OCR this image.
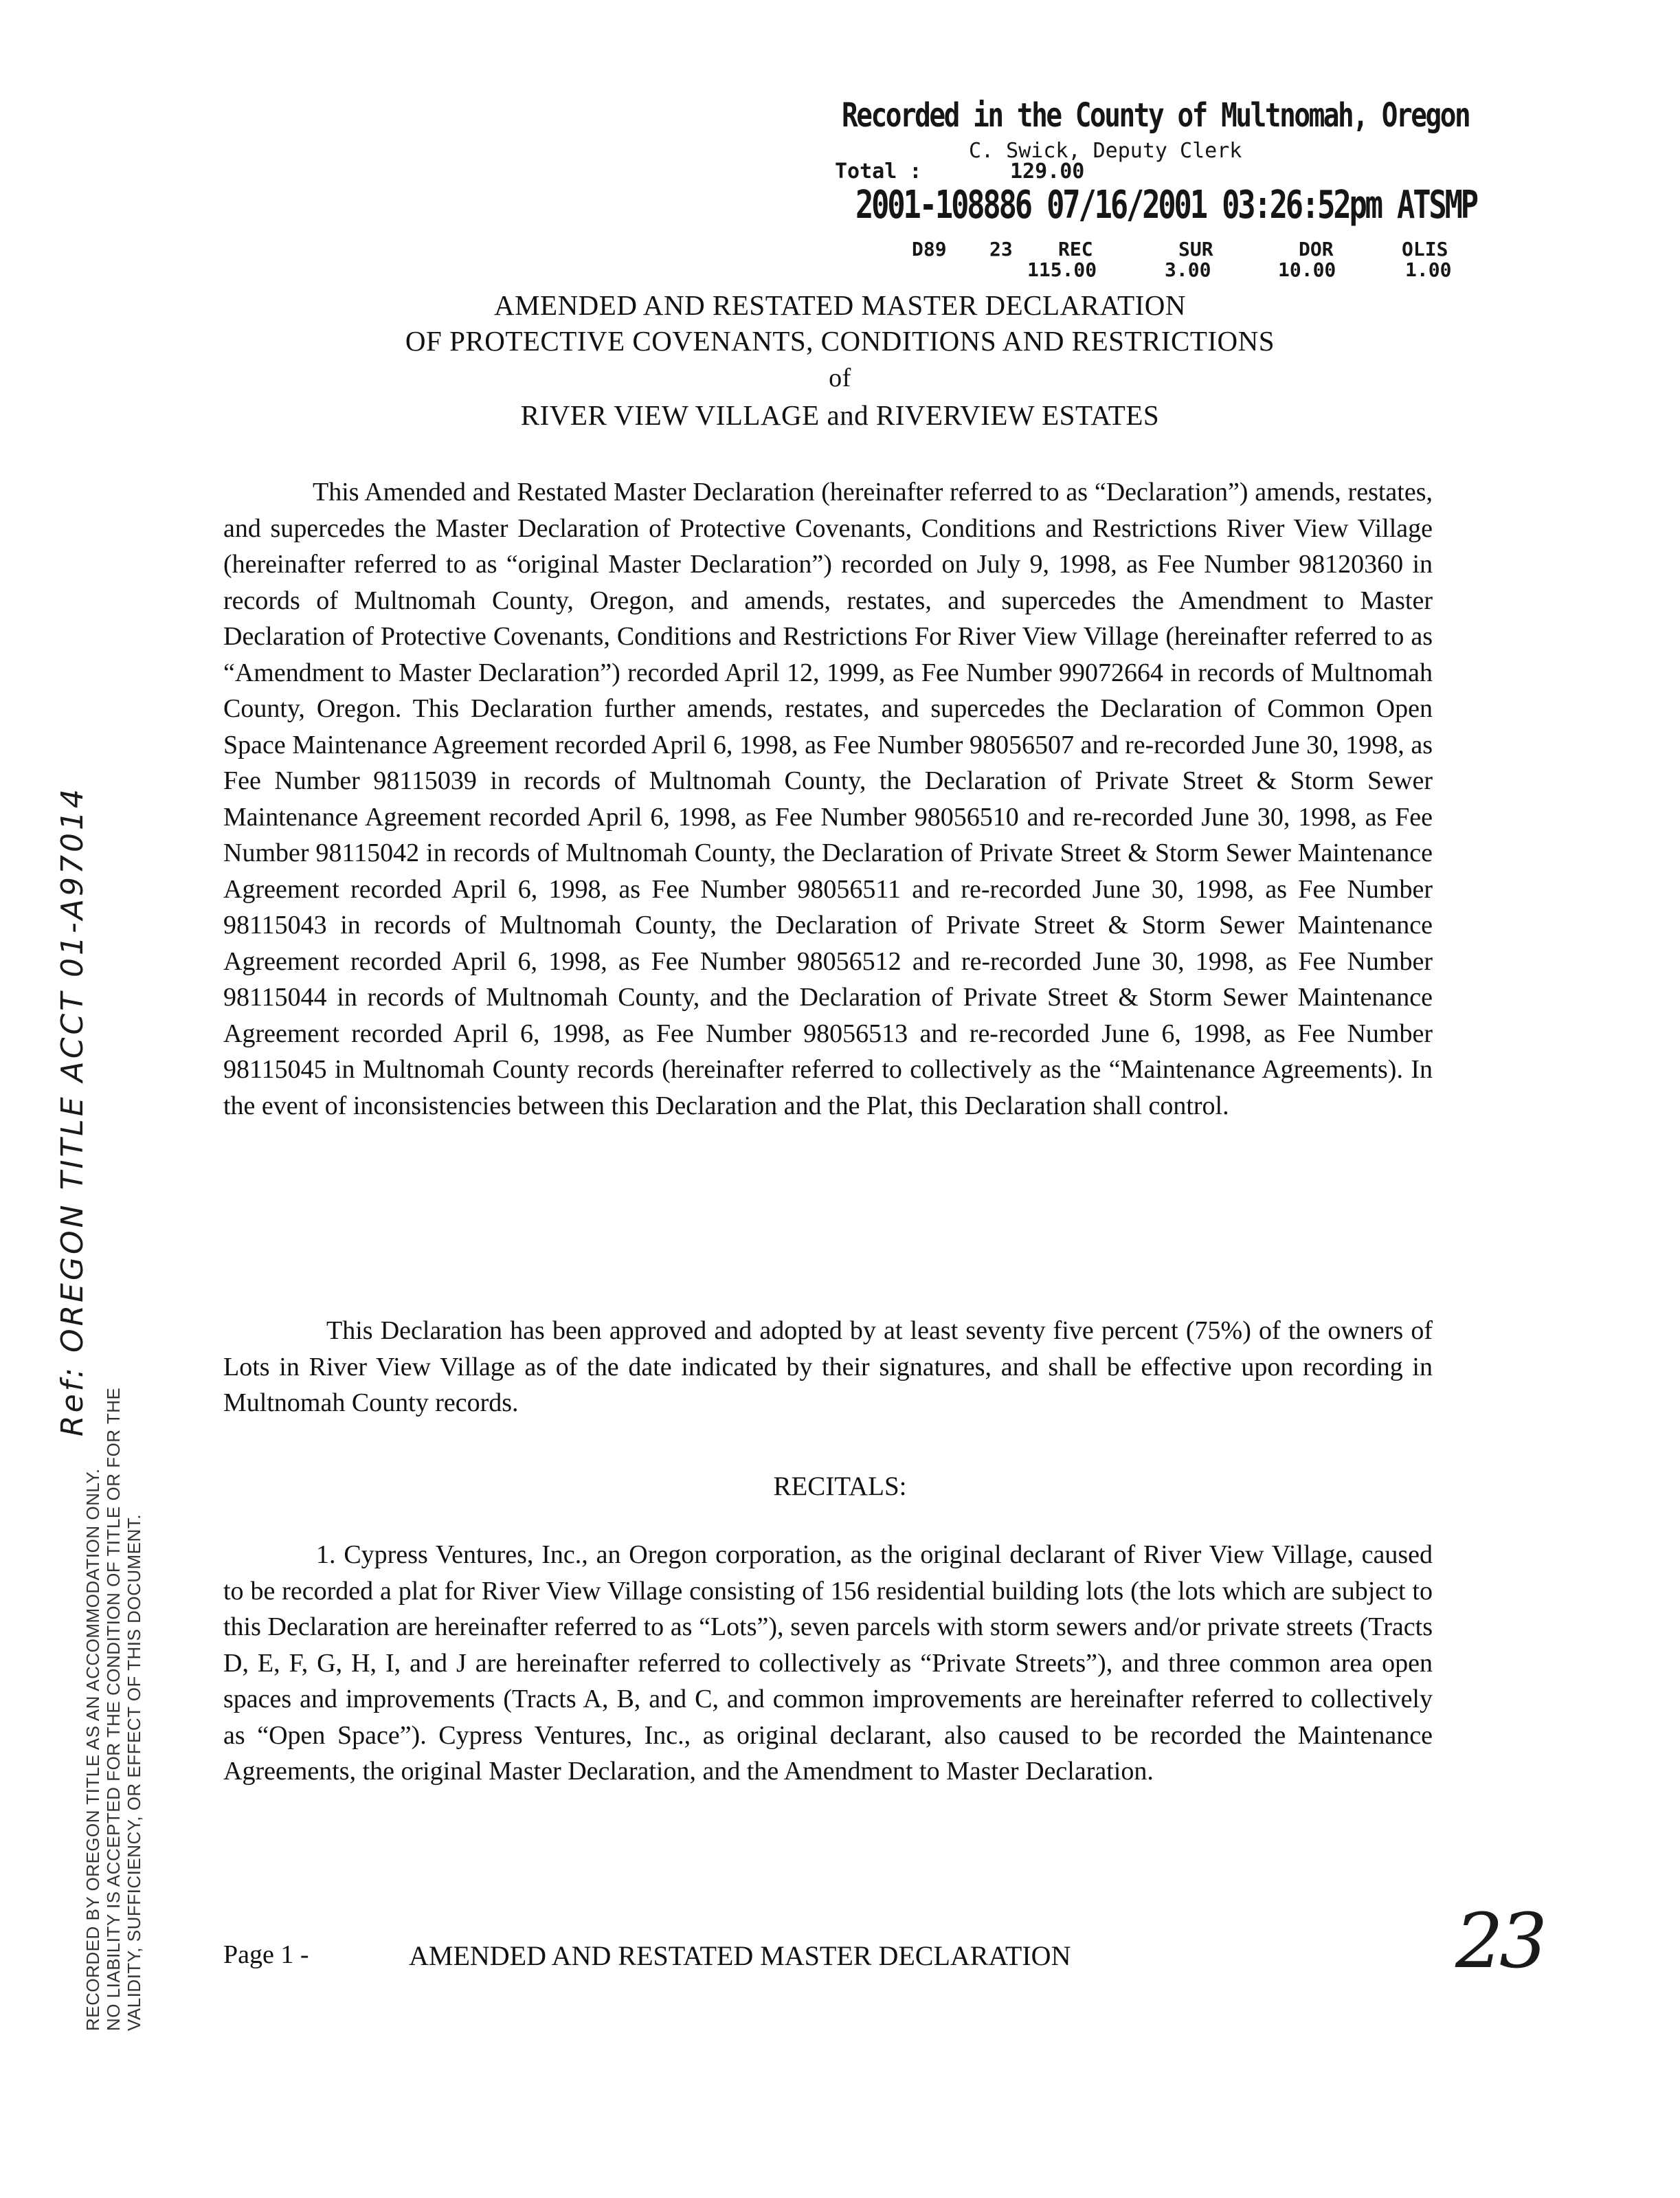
Recorded in the County of Multnomah, Oregon
C. Swick, Deputy Clerk
Total :	129.00
2001-108886 07/16/2001 03:26:52pm ATSMP
D89 23 REC	SUR	DOR	OLIS
115.00	3.00	10.00	1.00
AMENDED AND RESTATED MASTER DECLARATION
OF PROTECTIVE COVENANTS, CONDITIONS AND RESTRICTIONS
of
RIVER VIEW VILLAGE and RIVERVIEW ESTATES

This Amended and Restated Master Declaration (hereinafter referred to as “Declaration”) amends, restates, and supercedes the Master Declaration of Protective Covenants, Conditions and Restrictions River View Village (hereinafter referred to as “original Master Declaration”) recorded on July 9, 1998, as Fee Number 98120360 in records of Multnomah County, Oregon, and amends, restates, and supercedes the Amendment to Master Declaration of Protective Covenants, Conditions and Restrictions For River View Village (hereinafter referred to as “Amendment to Master Declaration”) recorded April 12, 1999, as Fee Number 99072664 in records of Multnomah County, Oregon. This Declaration further amends, restates, and supercedes the Declaration of Common Open Space Maintenance Agreement recorded April 6, 1998, as Fee Number 98056507 and re-recorded June 30, 1998, as Fee Number 98115039 in records of Multnomah County, the Declaration of Private Street & Storm Sewer Maintenance Agreement recorded April 6, 1998, as Fee Number 98056510 and re-recorded June 30, 1998, as Fee Number 98115042 in records of Multnomah County, the Declaration of Private Street & Storm Sewer Maintenance Agreement recorded April 6, 1998, as Fee Number 98056511 and re-recorded June 30, 1998, as Fee Number 98115043 in records of Multnomah County, the Declaration of Private Street & Storm Sewer Maintenance Agreement recorded April 6, 1998, as Fee Number 98056512 and re-recorded June 30, 1998, as Fee Number 98115044 in records of Multnomah County, and the Declaration of Private Street & Storm Sewer Maintenance Agreement recorded April 6, 1998, as Fee Number 98056513 and re-recorded June 6, 1998, as Fee Number 98115045 in Multnomah County records (hereinafter referred to collectively as the “Maintenance Agreements). In the event of inconsistencies between this Declaration and the Plat, this Declaration shall control.

This Declaration has been approved and adopted by at least seventy five percent (75%) of the owners of Lots in River View Village as of the date indicated by their signatures, and shall be effective upon recording in Multnomah County records.

RECITALS:

1. Cypress Ventures, Inc., an Oregon corporation, as the original declarant of River View Village, caused to be recorded a plat for River View Village consisting of 156 residential building lots (the lots which are subject to this Declaration are hereinafter referred to as “Lots”), seven parcels with storm sewers and/or private streets (Tracts D, E, F, G, H, I, and J are hereinafter referred to collectively as “Private Streets”), and three common area open spaces and improvements (Tracts A, B, and C, and common improvements are hereinafter referred to collectively as “Open Space”). Cypress Ventures, Inc., as original declarant, also caused to be recorded the Maintenance Agreements, the original Master Declaration, and the Amendment to Master Declaration.

Page 1 -	AMENDED AND RESTATED MASTER DECLARATION	23
Ref: OREGON TITLE ACCT 01-A97014
RECORDED BY OREGON TITLE AS AN ACCOMMODATION ONLY. NO LIABILITY IS ACCEPTED FOR THE CONDITION OF TITLE OR FOR THE VALIDITY, SUFFICIENCY, OR EFFECT OF THIS DOCUMENT.
